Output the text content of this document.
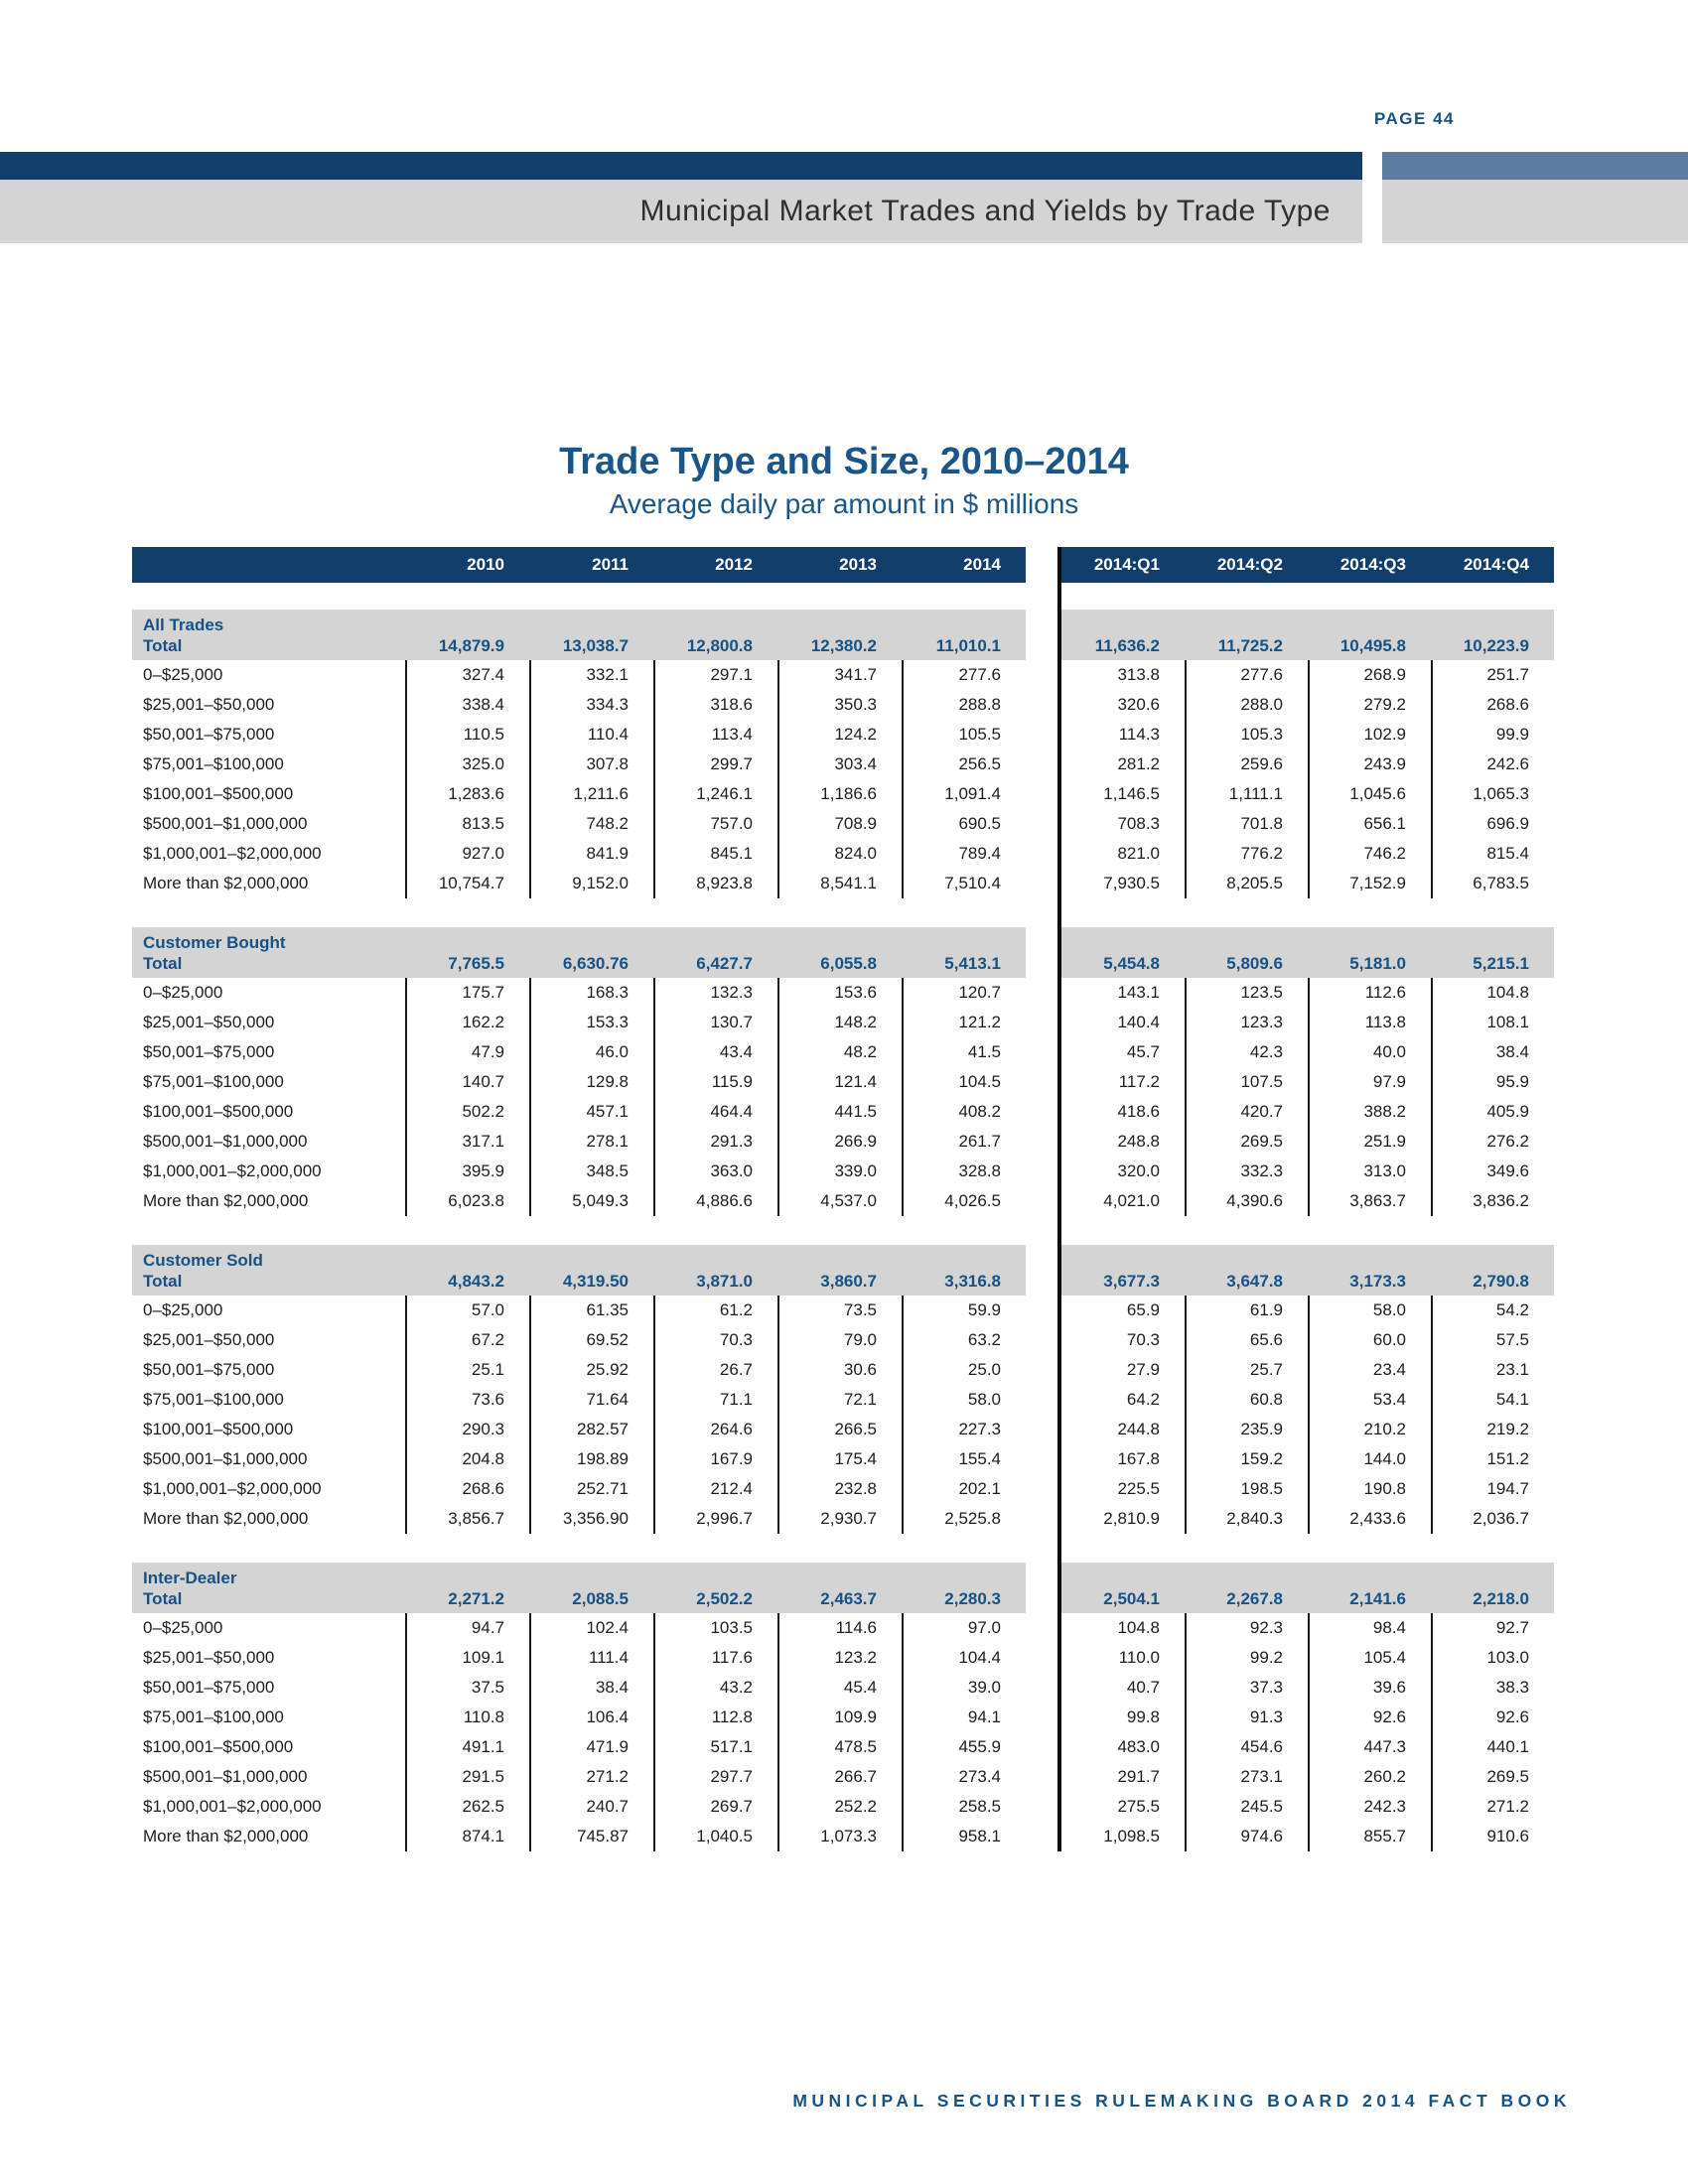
PAGE 44
Municipal Market Trades and Yields by Trade Type
Trade Type and Size, 2010–2014
Average daily par amount in $ millions
2010	2011	2012	2013	2014	2014:Q1	2014:Q2	2014:Q3	2014:Q4
All Trades
Total	14,879.9	13,038.7	12,800.8	12,380.2	11,010.1	11,636.2	11,725.2	10,495.8	10,223.9
0–$25,000	327.4	332.1	297.1	341.7	277.6	313.8	277.6	268.9	251.7
$25,001–$50,000	338.4	334.3	318.6	350.3	288.8	320.6	288.0	279.2	268.6
$50,001–$75,000	110.5	110.4	113.4	124.2	105.5	114.3	105.3	102.9	99.9
$75,001–$100,000	325.0	307.8	299.7	303.4	256.5	281.2	259.6	243.9	242.6
$100,001–$500,000	1,283.6	1,211.6	1,246.1	1,186.6	1,091.4	1,146.5	1,111.1	1,045.6	1,065.3
$500,001–$1,000,000	813.5	748.2	757.0	708.9	690.5	708.3	701.8	656.1	696.9
$1,000,001–$2,000,000	927.0	841.9	845.1	824.0	789.4	821.0	776.2	746.2	815.4
More than $2,000,000	10,754.7	9,152.0	8,923.8	8,541.1	7,510.4	7,930.5	8,205.5	7,152.9	6,783.5
Customer Bought
Total	7,765.5	6,630.76	6,427.7	6,055.8	5,413.1	5,454.8	5,809.6	5,181.0	5,215.1
0–$25,000	175.7	168.3	132.3	153.6	120.7	143.1	123.5	112.6	104.8
$25,001–$50,000	162.2	153.3	130.7	148.2	121.2	140.4	123.3	113.8	108.1
$50,001–$75,000	47.9	46.0	43.4	48.2	41.5	45.7	42.3	40.0	38.4
$75,001–$100,000	140.7	129.8	115.9	121.4	104.5	117.2	107.5	97.9	95.9
$100,001–$500,000	502.2	457.1	464.4	441.5	408.2	418.6	420.7	388.2	405.9
$500,001–$1,000,000	317.1	278.1	291.3	266.9	261.7	248.8	269.5	251.9	276.2
$1,000,001–$2,000,000	395.9	348.5	363.0	339.0	328.8	320.0	332.3	313.0	349.6
More than $2,000,000	6,023.8	5,049.3	4,886.6	4,537.0	4,026.5	4,021.0	4,390.6	3,863.7	3,836.2
Customer Sold
Total	4,843.2	4,319.50	3,871.0	3,860.7	3,316.8	3,677.3	3,647.8	3,173.3	2,790.8
0–$25,000	57.0	61.35	61.2	73.5	59.9	65.9	61.9	58.0	54.2
$25,001–$50,000	67.2	69.52	70.3	79.0	63.2	70.3	65.6	60.0	57.5
$50,001–$75,000	25.1	25.92	26.7	30.6	25.0	27.9	25.7	23.4	23.1
$75,001–$100,000	73.6	71.64	71.1	72.1	58.0	64.2	60.8	53.4	54.1
$100,001–$500,000	290.3	282.57	264.6	266.5	227.3	244.8	235.9	210.2	219.2
$500,001–$1,000,000	204.8	198.89	167.9	175.4	155.4	167.8	159.2	144.0	151.2
$1,000,001–$2,000,000	268.6	252.71	212.4	232.8	202.1	225.5	198.5	190.8	194.7
More than $2,000,000	3,856.7	3,356.90	2,996.7	2,930.7	2,525.8	2,810.9	2,840.3	2,433.6	2,036.7
Inter-Dealer
Total	2,271.2	2,088.5	2,502.2	2,463.7	2,280.3	2,504.1	2,267.8	2,141.6	2,218.0
0–$25,000	94.7	102.4	103.5	114.6	97.0	104.8	92.3	98.4	92.7
$25,001–$50,000	109.1	111.4	117.6	123.2	104.4	110.0	99.2	105.4	103.0
$50,001–$75,000	37.5	38.4	43.2	45.4	39.0	40.7	37.3	39.6	38.3
$75,001–$100,000	110.8	106.4	112.8	109.9	94.1	99.8	91.3	92.6	92.6
$100,001–$500,000	491.1	471.9	517.1	478.5	455.9	483.0	454.6	447.3	440.1
$500,001–$1,000,000	291.5	271.2	297.7	266.7	273.4	291.7	273.1	260.2	269.5
$1,000,001–$2,000,000	262.5	240.7	269.7	252.2	258.5	275.5	245.5	242.3	271.2
More than $2,000,000	874.1	745.87	1,040.5	1,073.3	958.1	1,098.5	974.6	855.7	910.6
MUNICIPAL SECURITIES RULEMAKING BOARD 2014 FACT BOOK
